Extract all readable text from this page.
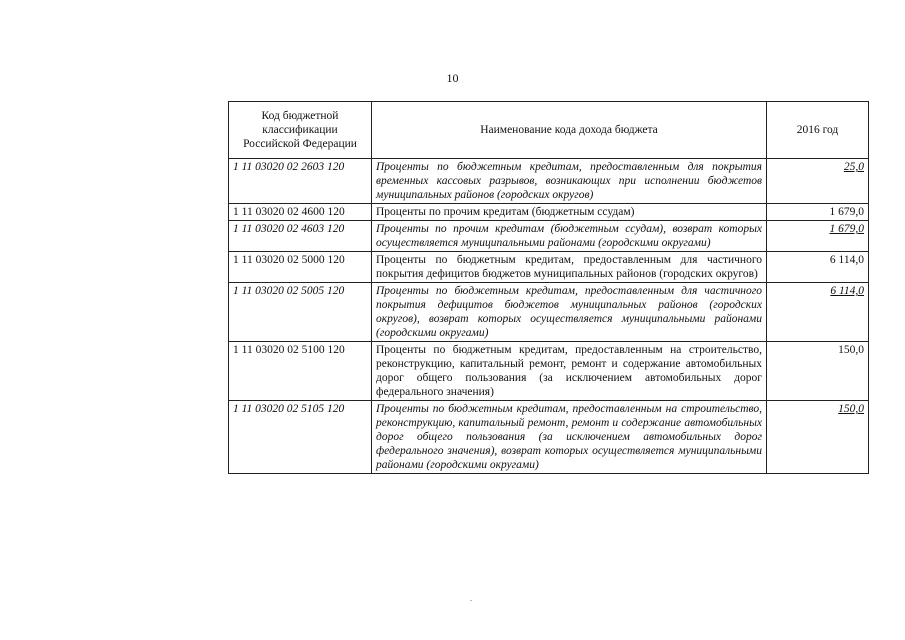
10
Код бюджетной классификации Российской Федерации	Наименование кода дохода бюджета	2016 год
1 11 03020 02 2603 120	Проценты по бюджетным кредитам, предоставленным для покрытия временных кассовых разрывов, возникающих при исполнении бюджетов муниципальных районов (городских округов)	25,0
1 11 03020 02 4600 120	Проценты по прочим кредитам (бюджетным ссудам)	1 679,0
1 11 03020 02 4603 120	Проценты по прочим кредитам (бюджетным ссудам), возврат которых осуществляется муниципальными районами (городскими округами)	1 679,0
1 11 03020 02 5000 120	Проценты по бюджетным кредитам, предоставленным для частичного покрытия дефицитов бюджетов муниципальных районов (городских округов)	6 114,0
1 11 03020 02 5005 120	Проценты по бюджетным кредитам, предоставленным для частичного покрытия дефицитов бюджетов муниципальных районов (городских округов), возврат которых осуществляется муниципальными районами (городскими округами)	6 114,0
1 11 03020 02 5100 120	Проценты по бюджетным кредитам, предоставленным на строительство, реконструкцию, капитальный ремонт, ремонт и содержание автомобильных дорог общего пользования (за исключением автомобильных дорог федерального значения)	150,0
1 11 03020 02 5105 120	Проценты по бюджетным кредитам, предоставленным на строительство, реконструкцию, капитальный ремонт, ремонт и содержание автомобильных дорог общего пользования (за исключением автомобильных дорог федерального значения), возврат которых осуществляется муниципальными районами (городскими округами)	150,0
